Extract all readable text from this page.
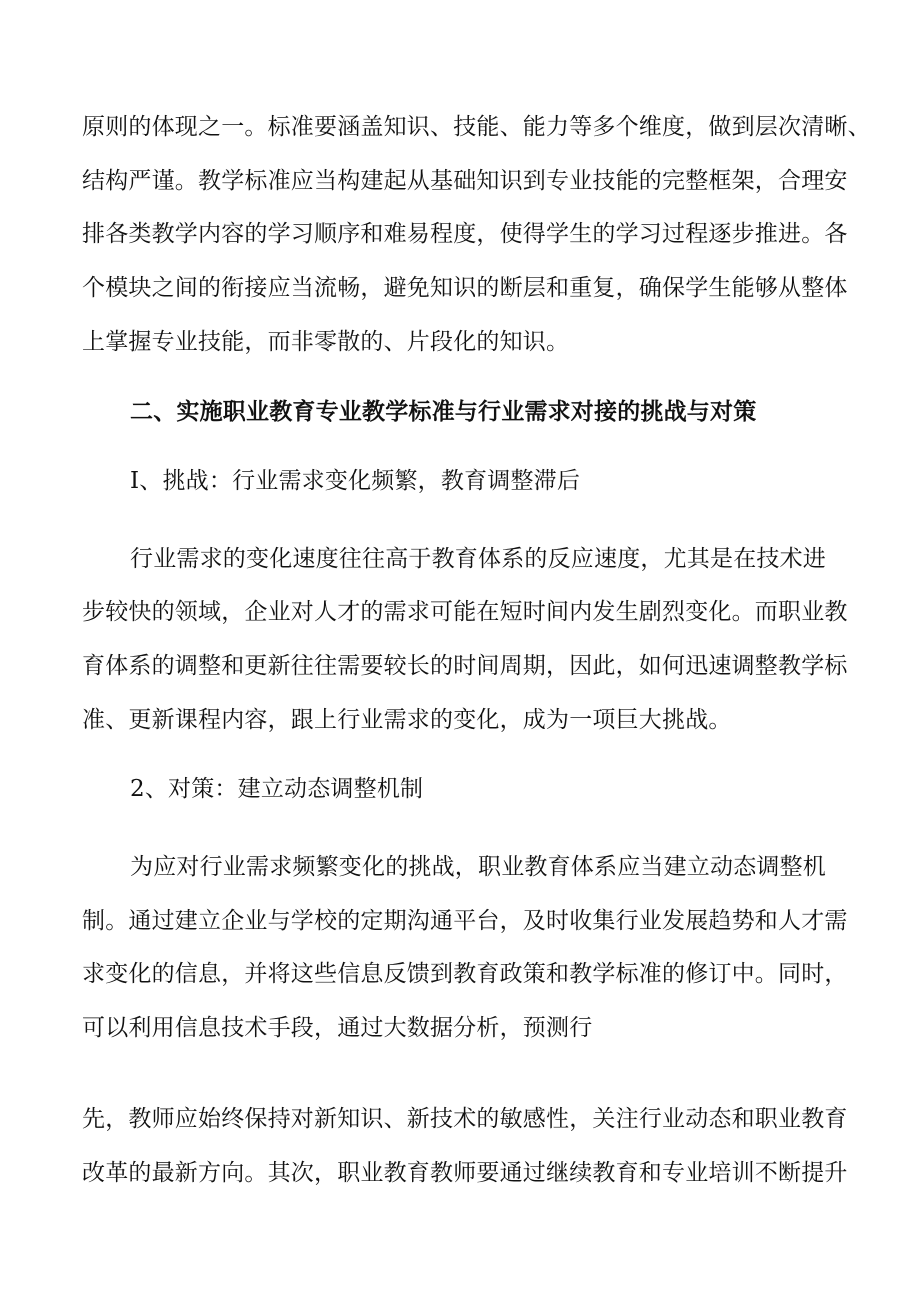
原则的体现之一。标准要涵盖知识、技能、能力等多个维度，做到层次清晰、
结构严谨。教学标准应当构建起从基础知识到专业技能的完整框架，合理安
排各类教学内容的学习顺序和难易程度，使得学生的学习过程逐步推进。各
个模块之间的衔接应当流畅，避免知识的断层和重复，确保学生能够从整体
上掌握专业技能，而非零散的、片段化的知识。
二、实施职业教育专业教学标准与行业需求对接的挑战与对策
I、挑战：行业需求变化频繁，教育调整滞后
行业需求的变化速度往往高于教育体系的反应速度，尤其是在技术进
步较快的领域，企业对人才的需求可能在短时间内发生剧烈变化。而职业教
育体系的调整和更新往往需要较长的时间周期，因此，如何迅速调整教学标
准、更新课程内容，跟上行业需求的变化，成为一项巨大挑战。
2、对策：建立动态调整机制
为应对行业需求频繁变化的挑战，职业教育体系应当建立动态调整机
制。通过建立企业与学校的定期沟通平台，及时收集行业发展趋势和人才需
求变化的信息，并将这些信息反馈到教育政策和教学标准的修订中。同时，
可以利用信息技术手段，通过大数据分析，预测行
先，教师应始终保持对新知识、新技术的敏感性，关注行业动态和职业教育
改革的最新方向。其次，职业教育教师要通过继续教育和专业培训不断提升
